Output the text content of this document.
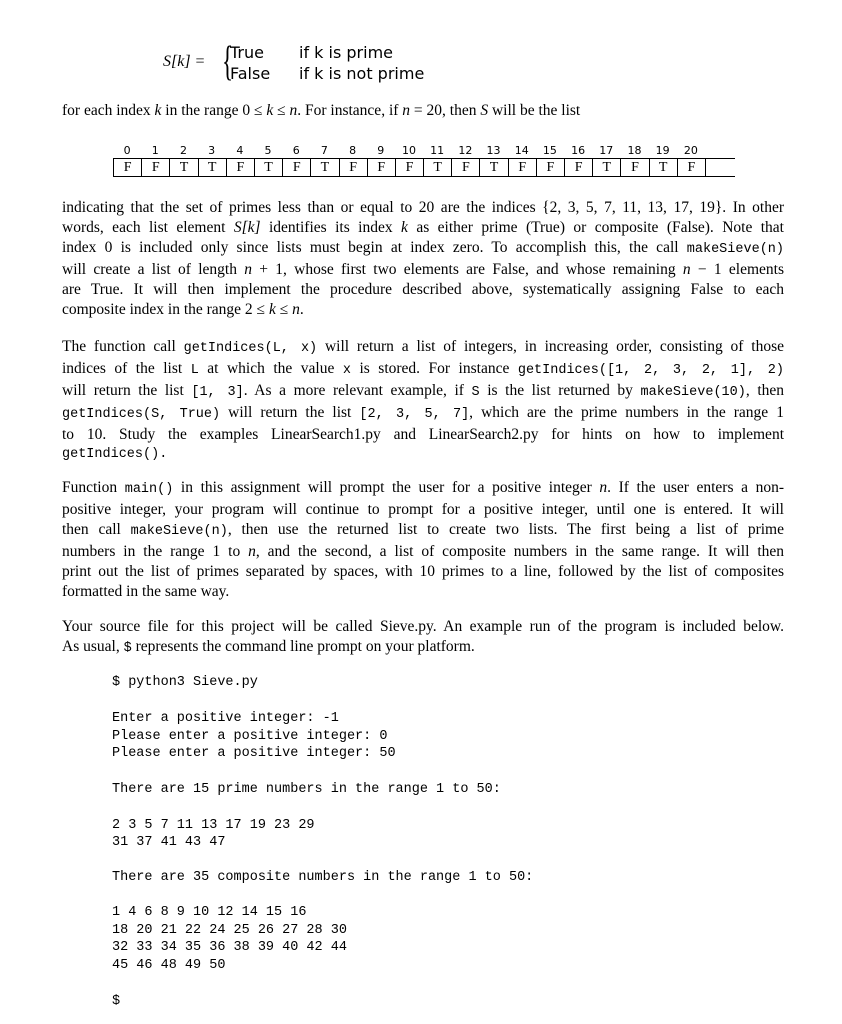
S[k] = {
True
False
if k is prime
if k is not prime
for each index k in the range 0 ≤ k ≤ n. For instance, if n = 20, then S will be the list
0	1	2	3	4	5	6	7	8	9	10	11	12	13	14	15	16	17	18	19	20
F	F	T	T	F	T	F	T	F	F	F	T	F	T	F	F	F	T	F	T	F
indicating that the set of primes less than or equal to 20 are the indices {2, 3, 5, 7, 11, 13, 17, 19}. In other
words, each list element S[k] identifies its index k as either prime (True) or composite (False). Note that
index 0 is included only since lists must begin at index zero. To accomplish this, the call makeSieve(n)
will create a list of length n + 1, whose first two elements are False, and whose remaining n − 1 elements
are True. It will then implement the procedure described above, systematically assigning False to each
composite index in the range 2 ≤ k ≤ n.
The function call getIndices(L, x) will return a list of integers, in increasing order, consisting of those
indices of the list L at which the value x is stored. For instance getIndices([1, 2, 3, 2, 1], 2)
will return the list [1, 3]. As a more relevant example, if S is the list returned by makeSieve(10), then
getIndices(S, True) will return the list [2, 3, 5, 7], which are the prime numbers in the range 1
to 10. Study the examples LinearSearch1.py and LinearSearch2.py for hints on how to implement
getIndices().
Function main() in this assignment will prompt the user for a positive integer n. If the user enters a non-
positive integer, your program will continue to prompt for a positive integer, until one is entered. It will
then call makeSieve(n), then use the returned list to create two lists. The first being a list of prime
numbers in the range 1 to n, and the second, a list of composite numbers in the same range. It will then
print out the list of primes separated by spaces, with 10 primes to a line, followed by the list of composites
formatted in the same way.
Your source file for this project will be called Sieve.py. An example run of the program is included below.
As usual, $ represents the command line prompt on your platform.
$ python3 Sieve.py
Enter a positive integer: -1
Please enter a positive integer: 0
Please enter a positive integer: 50
There are 15 prime numbers in the range 1 to 50:
2 3 5 7 11 13 17 19 23 29
31 37 41 43 47
There are 35 composite numbers in the range 1 to 50:
1 4 6 8 9 10 12 14 15 16
18 20 21 22 24 25 26 27 28 30
32 33 34 35 36 38 39 40 42 44
45 46 48 49 50
$
